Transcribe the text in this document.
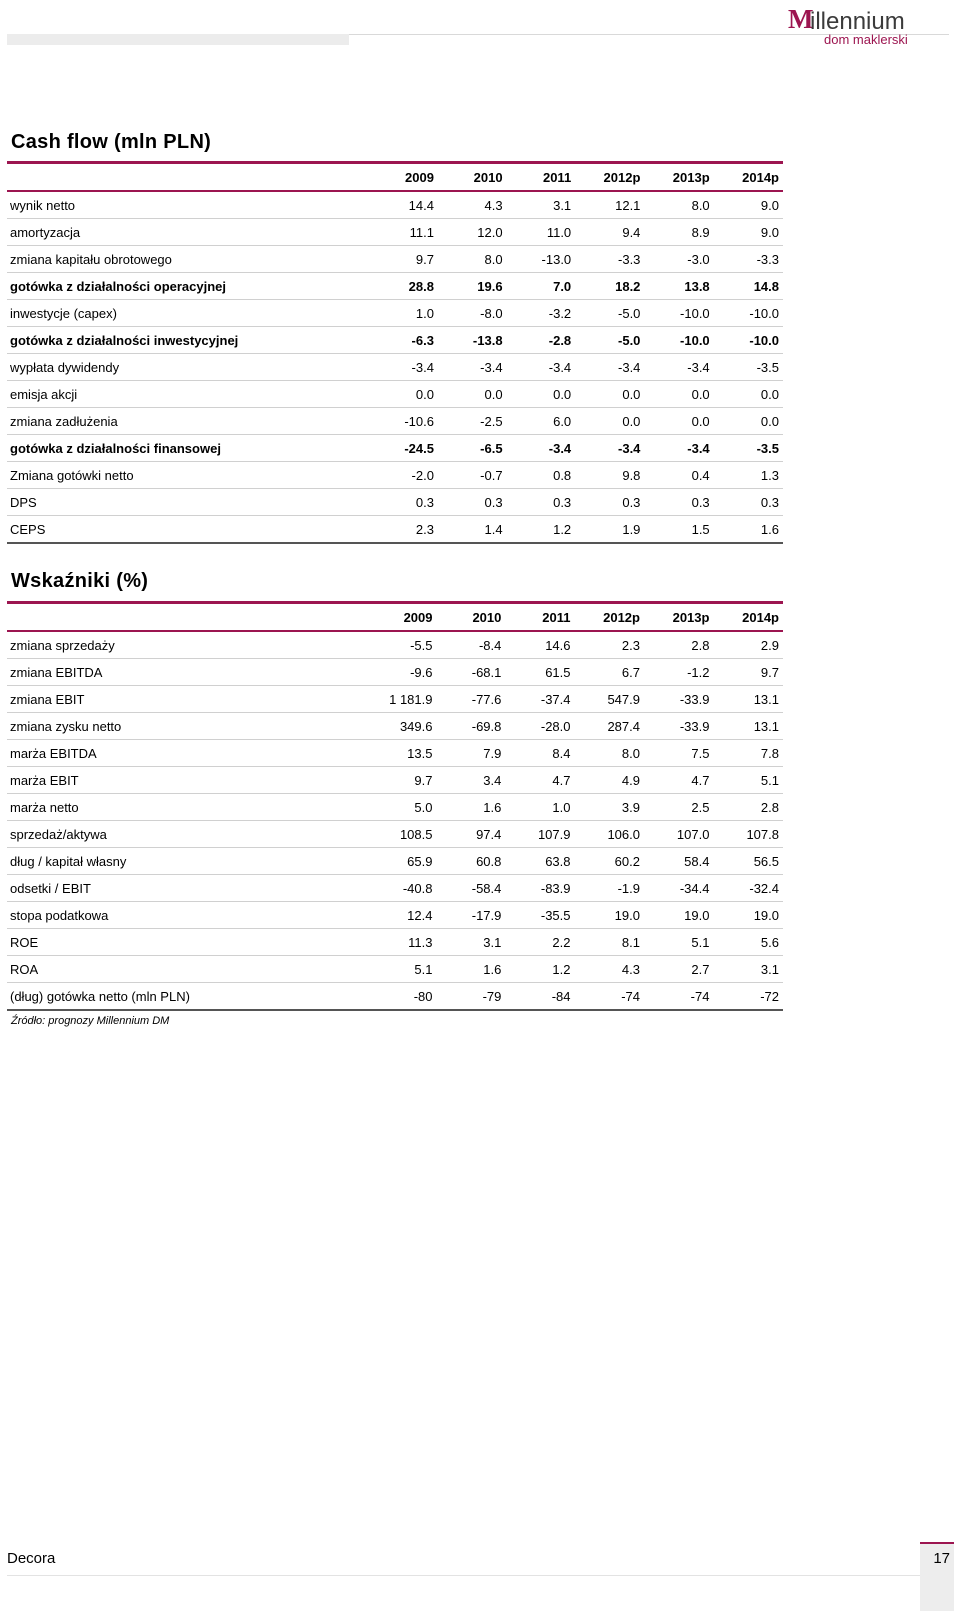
M
illennium
dom maklerski
Cash flow (mln PLN)
	2009	2010	2011	2012p	2013p	2014p
wynik netto	14.4	4.3	3.1	12.1	8.0	9.0
amortyzacja	11.1	12.0	11.0	9.4	8.9	9.0
zmiana kapitału obrotowego	9.7	8.0	-13.0	-3.3	-3.0	-3.3
gotówka z działalności operacyjnej	28.8	19.6	7.0	18.2	13.8	14.8
inwestycje (capex)	1.0	-8.0	-3.2	-5.0	-10.0	-10.0
gotówka z działalności inwestycyjnej	-6.3	-13.8	-2.8	-5.0	-10.0	-10.0
wypłata dywidendy	-3.4	-3.4	-3.4	-3.4	-3.4	-3.5
emisja akcji	0.0	0.0	0.0	0.0	0.0	0.0
zmiana zadłużenia	-10.6	-2.5	6.0	0.0	0.0	0.0
gotówka z działalności finansowej	-24.5	-6.5	-3.4	-3.4	-3.4	-3.5
Zmiana gotówki netto	-2.0	-0.7	0.8	9.8	0.4	1.3
DPS	0.3	0.3	0.3	0.3	0.3	0.3
CEPS	2.3	1.4	1.2	1.9	1.5	1.6
Wskaźniki (%)
	2009	2010	2011	2012p	2013p	2014p
zmiana sprzedaży	-5.5	-8.4	14.6	2.3	2.8	2.9
zmiana EBITDA	-9.6	-68.1	61.5	6.7	-1.2	9.7
zmiana EBIT	1 181.9	-77.6	-37.4	547.9	-33.9	13.1
zmiana zysku netto	349.6	-69.8	-28.0	287.4	-33.9	13.1
marża EBITDA	13.5	7.9	8.4	8.0	7.5	7.8
marża EBIT	9.7	3.4	4.7	4.9	4.7	5.1
marża netto	5.0	1.6	1.0	3.9	2.5	2.8
sprzedaż/aktywa	108.5	97.4	107.9	106.0	107.0	107.8
dług / kapitał własny	65.9	60.8	63.8	60.2	58.4	56.5
odsetki / EBIT	-40.8	-58.4	-83.9	-1.9	-34.4	-32.4
stopa podatkowa	12.4	-17.9	-35.5	19.0	19.0	19.0
ROE	11.3	3.1	2.2	8.1	5.1	5.6
ROA	5.1	1.6	1.2	4.3	2.7	3.1
(dług) gotówka netto (mln PLN)	-80	-79	-84	-74	-74	-72
Źródło: prognozy Millennium DM
Decora	17
